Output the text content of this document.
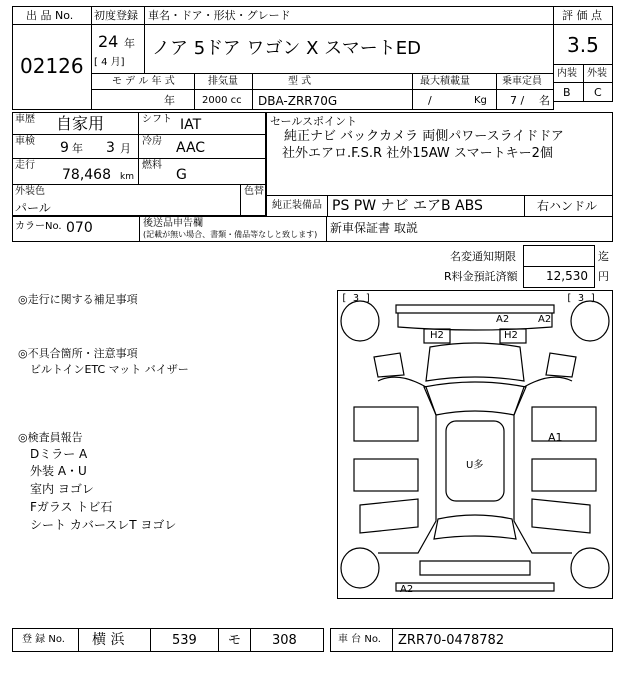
出 品 No.
02126
初度登録
24 年
[ 4 月]
車名・ドア・形状・グレード
ノア 5ドア ワゴン X スマートED
評 価 点
3.5
内装 外装
B C
モ デ ル 年 式
年
排気量
2000 cc
型 式
DBA-ZRR70G
最大積載量
/	Kg
乗車定員
7 / 名
車歴 自家用
車検 9 年 3 月
走行
78,468 km
シフト IAT
冷房 AAC
燃料
G
外装色
パール
色替
セールスポイント
純正ナビ バックカメラ 両側パワースライドドア
社外エアロ.F.S.R 社外15AW スマートキー2個
純正装備品 PS PW ナビ エアB ABS	右ハンドル
カラーNo. 070	後送品申告欄
(記載が無い場合、書類・備品等なしと致します) 新車保証書 取説
名変通知期限	迄
R料金預託済額 12,530 円
◎走行に関する補足事項
◎不具合箇所・注意事項
ビルトインETC マット バイザー
◎検査員報告
Dミラー A
外装 A・U
室内 ヨゴレ
Fガラス トビ石
シート カバースレT ヨゴレ
[ 3 ]	[ 3 ]
A2	A2
H2	H2
A1
U多
A2
登 録 No. 横 浜	539 モ 308	車 台 No. ZRR70-0478782
